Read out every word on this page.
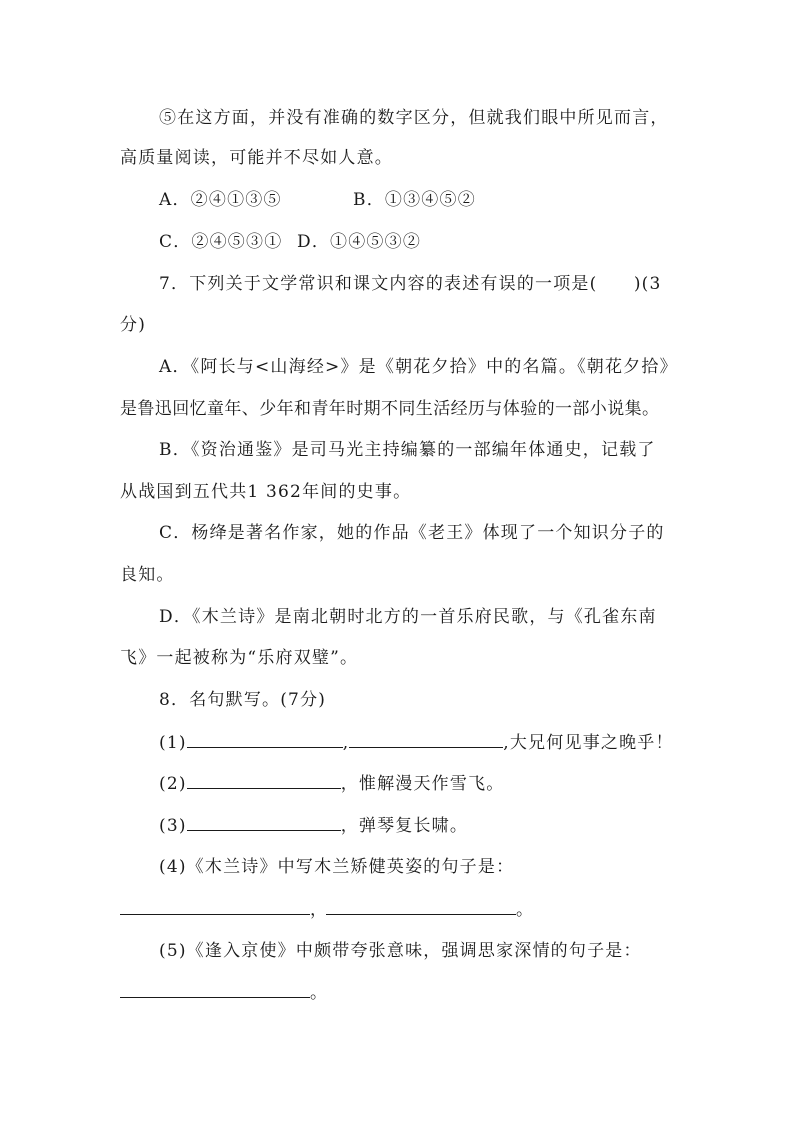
⑤在这方面，并没有准确的数字区分，但就我们眼中所见而言，
高质量阅读，可能并不尽如人意。
A．②④①③⑤	B．①③④⑤②
C．②④⑤③① D．①④⑤③②
7．下列关于文学常识和课文内容的表述有误的一项是(　　)(3
分)
A．《阿长与<山海经>》是《朝花夕拾》中的名篇。《朝花夕拾》
是鲁迅回忆童年、少年和青年时期不同生活经历与体验的一部小说集。
B．《资治通鉴》是司马光主持编纂的一部编年体通史，记载了
从战国到五代共1 362年间的史事。
C．杨绛是著名作家，她的作品《老王》体现了一个知识分子的
良知。
D．《木兰诗》是南北朝时北方的一首乐府民歌，与《孔雀东南
飞》一起被称为“乐府双璧”。
8．名句默写。(7分)
(1)	,	,大兄何见事之晚乎！
(2)	，惟解漫天作雪飞。
(3)	，弹琴复长啸。
(4)《木兰诗》中写木兰矫健英姿的句子是：
，	。
(5)《逢入京使》中颇带夸张意味，强调思家深情的句子是：
。
